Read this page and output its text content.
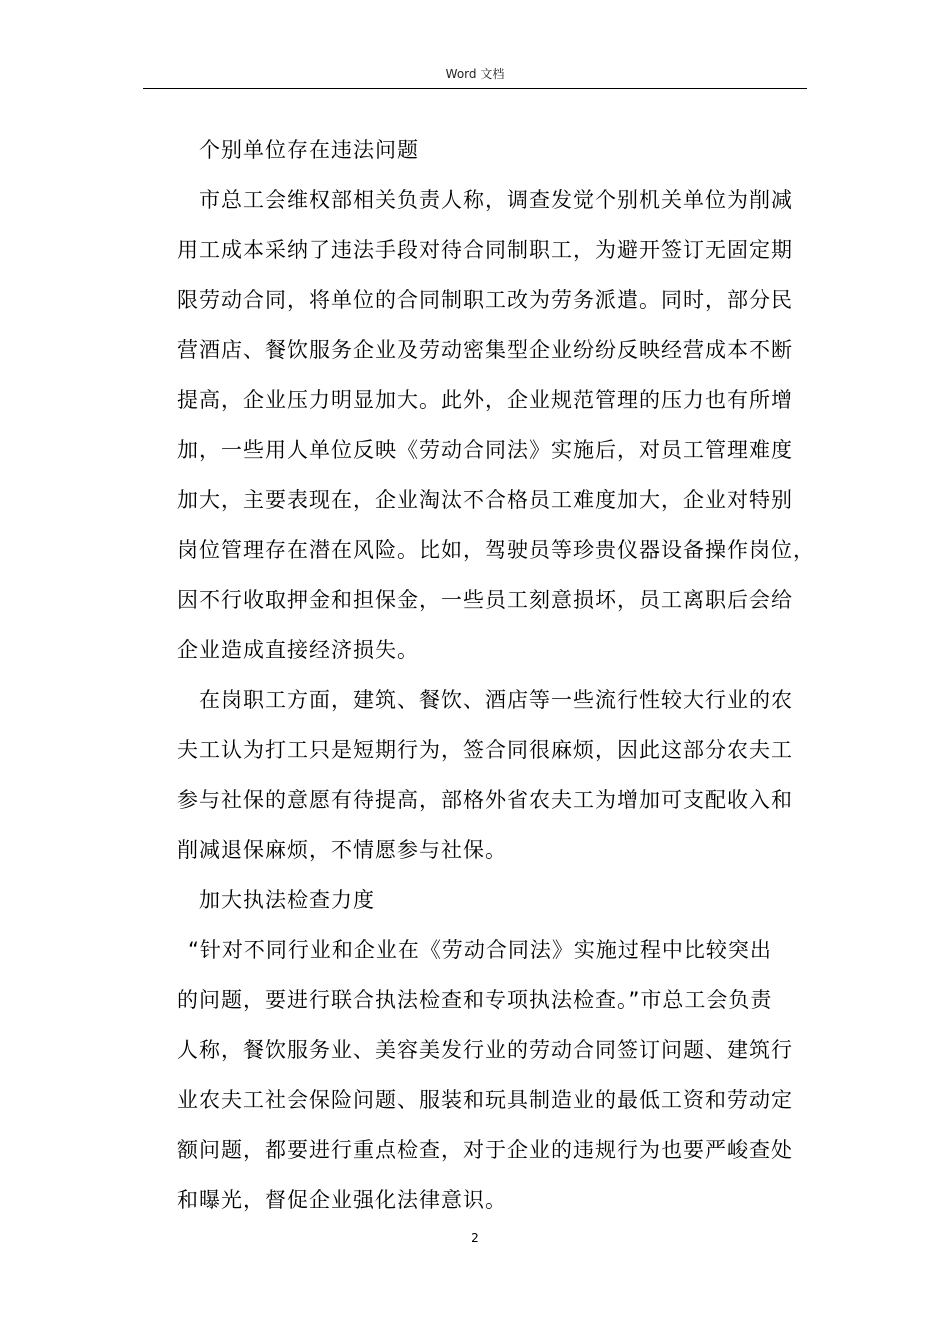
Word 文档
个别单位存在违法问题
市总工会维权部相关负责人称，调查发觉个别机关单位为削减
用工成本采纳了违法手段对待合同制职工，为避开签订无固定期
限劳动合同，将单位的合同制职工改为劳务派遣。同时，部分民
营酒店、餐饮服务企业及劳动密集型企业纷纷反映经营成本不断
提高，企业压力明显加大。此外，企业规范管理的压力也有所增
加，一些用人单位反映《劳动合同法》实施后，对员工管理难度
加大，主要表现在，企业淘汰不合格员工难度加大，企业对特别
岗位管理存在潜在风险。比如，驾驶员等珍贵仪器设备操作岗位，
因不行收取押金和担保金，一些员工刻意损坏，员工离职后会给
企业造成直接经济损失。
在岗职工方面，建筑、餐饮、酒店等一些流行性较大行业的农
夫工认为打工只是短期行为，签合同很麻烦，因此这部分农夫工
参与社保的意愿有待提高，部格外省农夫工为增加可支配收入和
削减退保麻烦，不情愿参与社保。
加大执法检查力度
“针对不同行业和企业在《劳动合同法》实施过程中比较突出
的问题，要进行联合执法检查和专项执法检查。”市总工会负责
人称，餐饮服务业、美容美发行业的劳动合同签订问题、建筑行
业农夫工社会保险问题、服装和玩具制造业的最低工资和劳动定
额问题，都要进行重点检查，对于企业的违规行为也要严峻查处
和曝光，督促企业强化法律意识。
2
